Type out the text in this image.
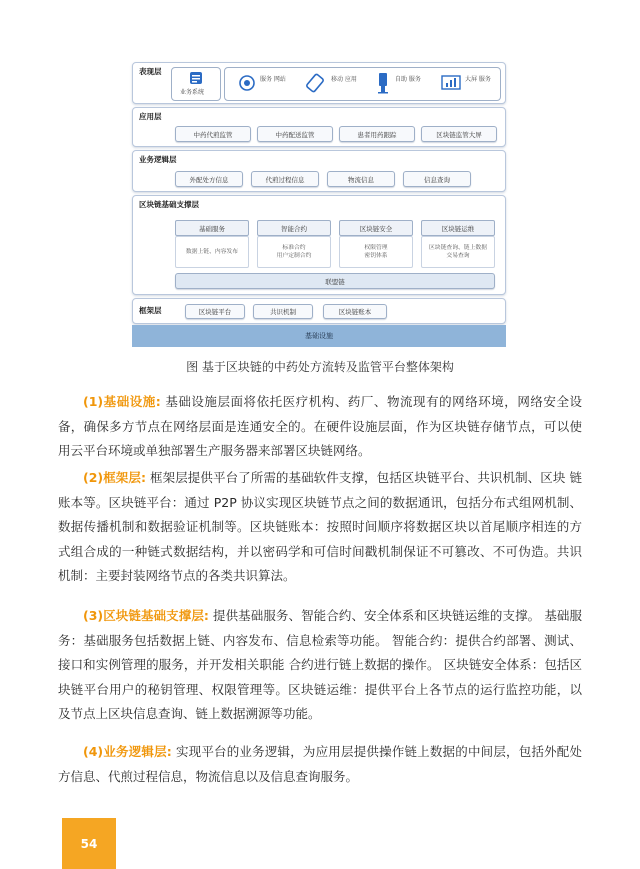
表现层
业务系统
服务 网站	移动 应用	自助 服务	大屏 服务
应用层
中药代煎监管	中药配送监管	患者用药跟踪	区块链监管大屏
业务逻辑层
外配处方信息	代煎过程信息	物流信息	信息查询
区块链基础支撑层
基础服务
数据上链、内容发布
智能合约
标准合约
用户定制合约
区块链安全
权限管理
密钥体系
区块链运维
区块链查询、链上数据
交易查询
联盟链
框架层	区块链平台	共识机制	区块链账本
基础设施
图 基于区块链的中药处方流转及监管平台整体架构
(1)基础设施: 基础设施层面将依托医疗机构、药厂、物流现有的网络环境，网络安全设备，确保多方节点在网络层面是连通安全的。在硬件设施层面，作为区块链存储节点，可以使用云平台环境或单独部署生产服务器来部署区块链网络。
(2)框架层: 框架层提供平台了所需的基础软件支撑，包括区块链平台、共识机制、区块 链账本等。区块链平台：通过 P2P 协议实现区块链节点之间的数据通讯，包括分布式组网机制、数据传播机制和数据验证机制等。区块链账本：按照时间顺序将数据区块以首尾顺序相连的方式组合成的一种链式数据结构，并以密码学和可信时间戳机制保证不可篡改、不可伪造。共识机制：主要封装网络节点的各类共识算法。
(3)区块链基础支撑层: 提供基础服务、智能合约、安全体系和区块链运维的支撑。 基础服务：基础服务包括数据上链、内容发布、信息检索等功能。 智能合约：提供合约部署、测试、接口和实例管理的服务，并开发相关职能 合约进行链上数据的操作。 区块链安全体系：包括区块链平台用户的秘钥管理、权限管理等。区块链运维：提供平台上各节点的运行监控功能，以及节点上区块信息查询、链上数据溯源等功能。
(4)业务逻辑层: 实现平台的业务逻辑，为应用层提供操作链上数据的中间层，包括外配处方信息、代煎过程信息，物流信息以及信息查询服务。
54
